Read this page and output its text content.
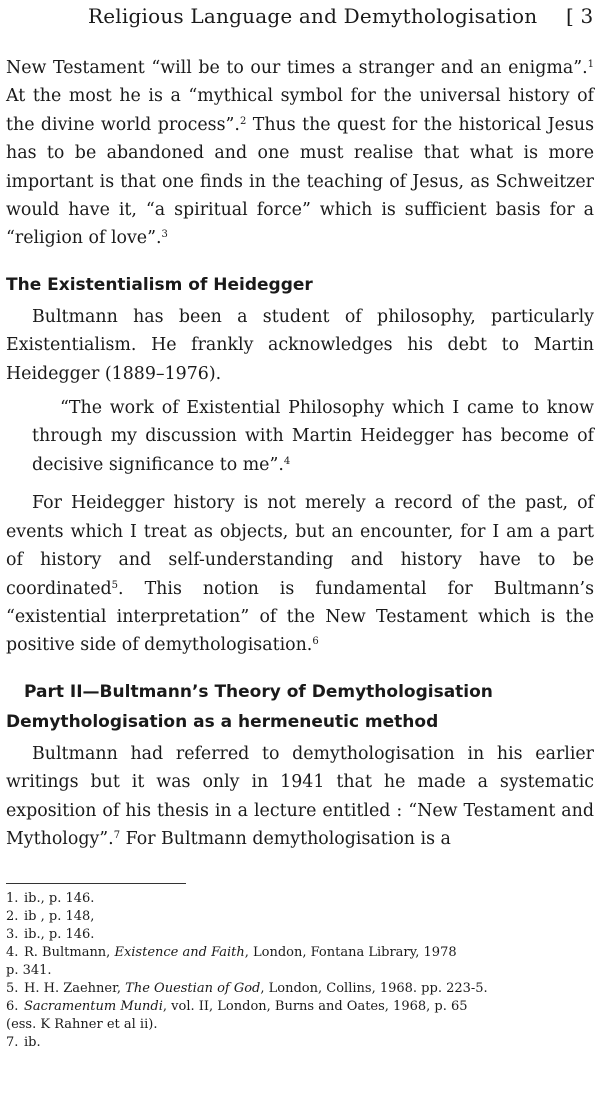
Religious Language and Demythologisation [ 3

New Testament “will be to our times a stranger and an enigma”.$^1$ At the most he is a “mythical symbol for the universal history of the divine world process”.$^2$ Thus the quest for the historical Jesus has to be abandoned and one must realise that what is more important is that one finds in the teaching of Jesus, as Schweitzer would have it, “a spiritual force” which is sufficient basis for a “religion of love”.$^3$

The Existentialism of Heidegger

Bultmann has been a student of philosophy, particularly Existentialism. He frankly acknowledges his debt to Martin Heidegger (1889–1976).

“The work of Existential Philosophy which I came to know through my discussion with Martin Heidegger has become of decisive significance to me”.$^4$

For Heidegger history is not merely a record of the past, of events which I treat as objects, but an encounter, for I am a part of history and self-understanding and history have to be coordinated$^5$. This notion is fundamental for Bultmann’s “existential interpretation” of the New Testament which is the positive side of demythologisation.$^6$

Part II—Bultmann’s Theory of Demythologisation
Demythologisation as a hermeneutic method

Bultmann had referred to demythologisation in his earlier writings but it was only in 1941 that he made a systematic exposition of his thesis in a lecture entitled : “New Testament and Mythology”.$^7$ For Bultmann demythologisation is a

1. ib., p. 146.
2. ib , p. 148,
3. ib., p. 146.
4. R. Bultmann, Existence and Faith, London, Fontana Library, 1978
p. 341.
5. H. H. Zaehner, The Ouestian of God, London, Collins, 1968. pp. 223-5.
6. Sacramentum Mundi, vol. II, London, Burns and Oates, 1968, p. 65
(ess. K Rahner et al ii).
7. ib.
